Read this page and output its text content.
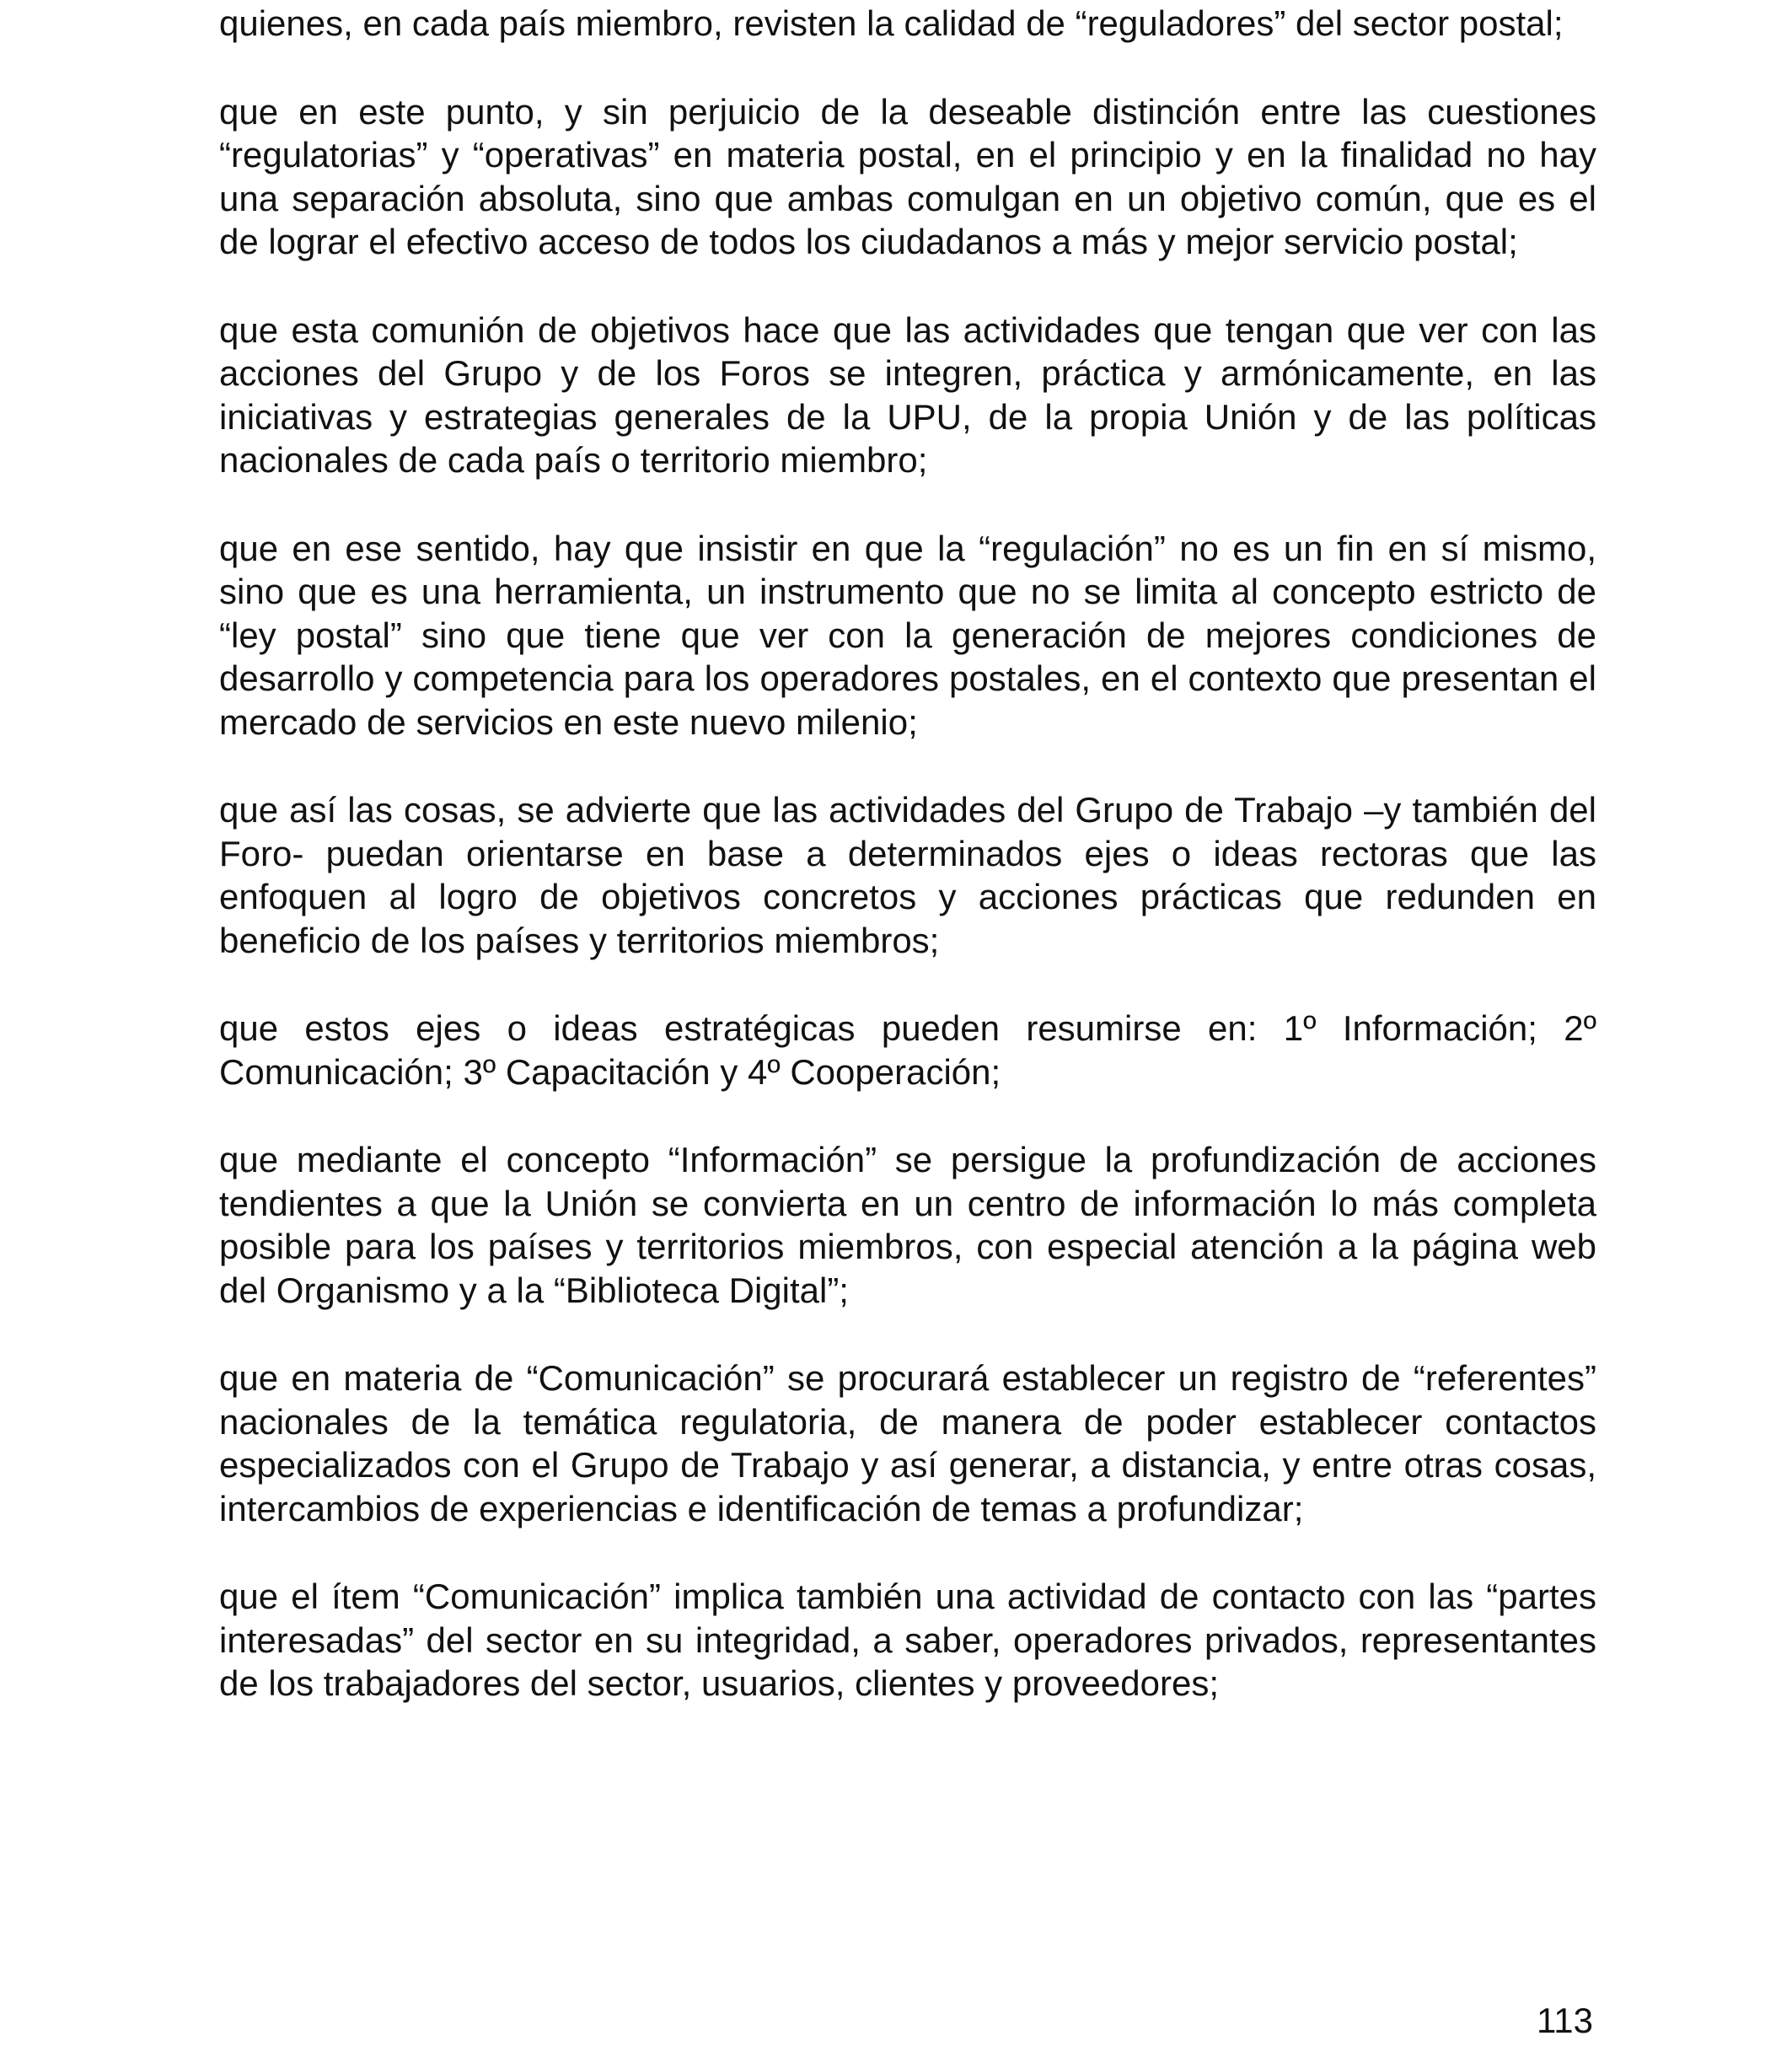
quienes, en cada país miembro, revisten la calidad de “reguladores” del sector postal;

que en este punto, y sin perjuicio de la deseable distinción entre las cuestiones “regulatorias” y “operativas” en materia postal, en el principio y en la finalidad no hay una separación absoluta, sino que ambas comulgan en un objetivo común, que es el de lograr el efectivo acceso de todos los ciudadanos a más y mejor servicio postal;

que esta comunión de objetivos hace que las actividades que tengan que ver con las acciones del Grupo y de los Foros se integren, práctica y armónicamente, en las iniciativas y estrategias generales de la UPU, de la propia Unión y de las políticas nacionales de cada país o territorio miembro;

que en ese sentido, hay que insistir en que la “regulación” no es un fin en sí mismo, sino que es una herramienta, un instrumento que no se limita al concepto estricto de “ley postal” sino que tiene que ver con la generación de mejores condiciones de desarrollo y competencia para los operadores postales, en el contexto que presentan el mercado de servicios en este nuevo milenio;

que así las cosas, se advierte que las actividades del Grupo de Trabajo –y también del Foro- puedan orientarse en base a determinados ejes o ideas rectoras que las enfoquen al logro de objetivos concretos y acciones prácticas que redunden en beneficio de los países y territorios miembros;

que estos ejes o ideas estratégicas pueden resumirse en: 1º Información; 2º Comunicación; 3º Capacitación y 4º Cooperación;

que mediante el concepto “Información” se persigue la profundización de acciones tendientes a que la Unión se convierta en un centro de información lo más completa posible para los países y territorios miembros, con especial atención a la página web del Organismo y a la “Biblioteca Digital”;

que en materia de “Comunicación” se procurará establecer un registro de “referentes” nacionales de la temática regulatoria, de manera de poder establecer contactos especializados con el Grupo de Trabajo y así generar, a distancia, y entre otras cosas, intercambios de experiencias e identificación de temas a profundizar;

que el ítem “Comunicación” implica también una actividad de contacto con las “partes interesadas” del sector en su integridad, a saber, operadores privados, representantes de los trabajadores del sector, usuarios, clientes y proveedores;

113
